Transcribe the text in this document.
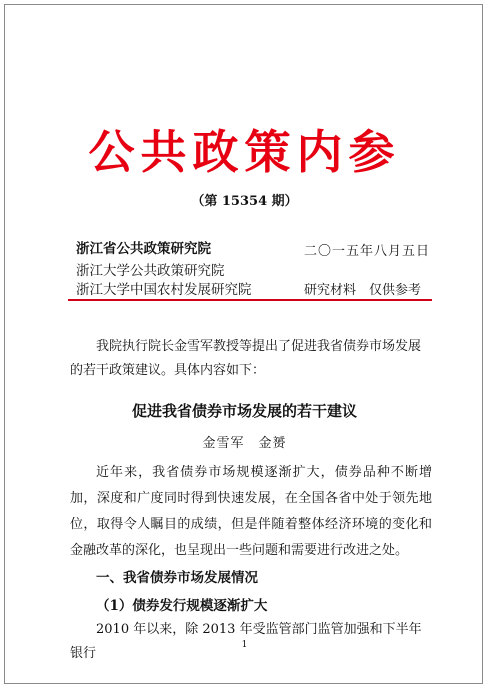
公共政策内参
（第 15354 期）
浙江省公共政策研究院
浙江大学公共政策研究院
浙江大学中国农村发展研究院
二〇一五年八月五日
研究材料　仅供参考
我院执行院长金雪军教授等提出了促进我省债券市场发展的若干政策建议。具体内容如下：
促进我省债券市场发展的若干建议
金雪军　金赟
近年来，我省债券市场规模逐渐扩大，债券品种不断增加，深度和广度同时得到快速发展，在全国各省中处于领先地位，取得令人瞩目的成绩，但是伴随着整体经济环境的变化和金融改革的深化，也呈现出一些问题和需要进行改进之处。
一、我省债券市场发展情况
（1）债券发行规模逐渐扩大
2010 年以来，除 2013 年受监管部门监管加强和下半年银行
1
